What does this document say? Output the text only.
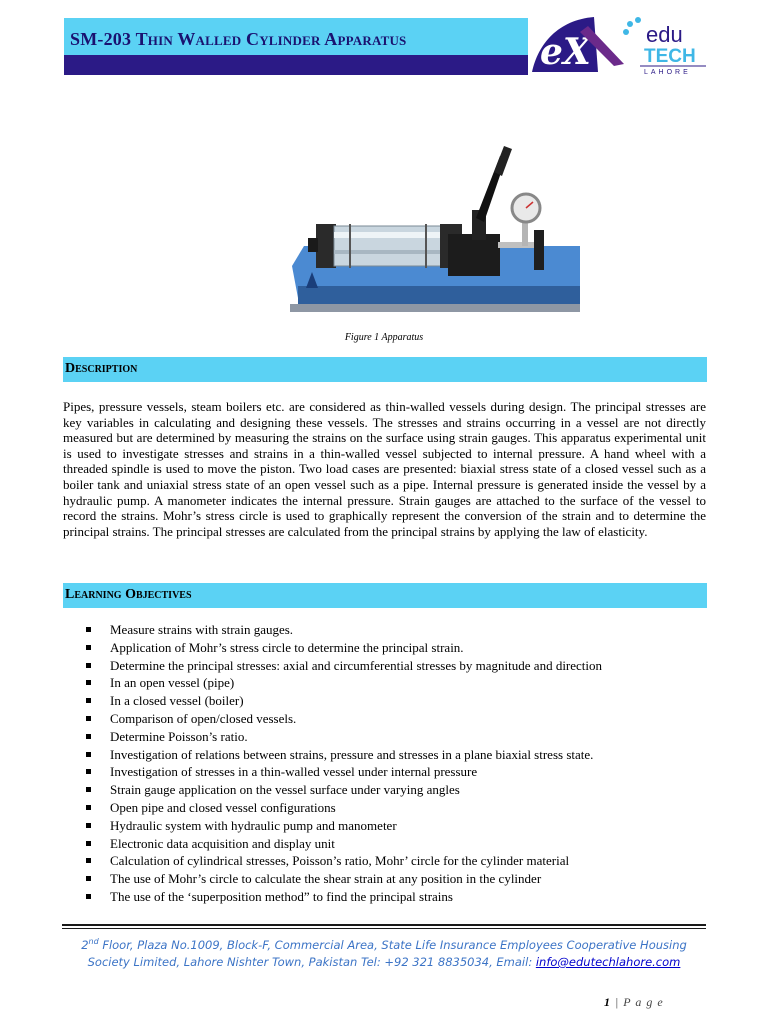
SM-203 Thin Walled Cylinder Apparatus	eX	edu
TECH
LAHORE
Figure 1 Apparatus
Description

Pipes, pressure vessels, steam boilers etc. are considered as thin-walled vessels during design. The principal stresses are key variables in calculating and designing these vessels. The stresses and strains occurring in a vessel are not directly measured but are determined by measuring the strains on the surface using strain gauges. This apparatus experimental unit is used to investigate stresses and strains in a thin-walled vessel subjected to internal pressure. A hand wheel with a threaded spindle is used to move the piston. Two load cases are presented: biaxial stress state of a closed vessel such as a boiler tank and uniaxial stress state of an open vessel such as a pipe. Internal pressure is generated inside the vessel by a hydraulic pump. A manometer indicates the internal pressure. Strain gauges are attached to the surface of the vessel to record the strains. Mohr’s stress circle is used to graphically represent the conversion of the strain and to determine the principal strains. The principal stresses are calculated from the principal strains by applying the law of elasticity.

Learning Objectives
Measure strains with strain gauges.
Application of Mohr’s stress circle to determine the principal strain.
Determine the principal stresses: axial and circumferential stresses by magnitude and direction
In an open vessel (pipe)
In a closed vessel (boiler)
Comparison of open/closed vessels.
Determine Poisson’s ratio.
Investigation of relations between strains, pressure and stresses in a plane biaxial stress state.
Investigation of stresses in a thin-walled vessel under internal pressure
Strain gauge application on the vessel surface under varying angles
Open pipe and closed vessel configurations
Hydraulic system with hydraulic pump and manometer
Electronic data acquisition and display unit
Calculation of cylindrical stresses, Poisson’s ratio, Mohr’ circle for the cylinder material
The use of Mohr’s circle to calculate the shear strain at any position in the cylinder
The use of the ‘superposition method” to find the principal strains
2nd Floor, Plaza No.1009, Block-F, Commercial Area, State Life Insurance Employees Cooperative Housing
Society Limited, Lahore Nishter Town, Pakistan Tel: +92 321 8835034, Email: info@edutechlahore.com
1 | P a g e
